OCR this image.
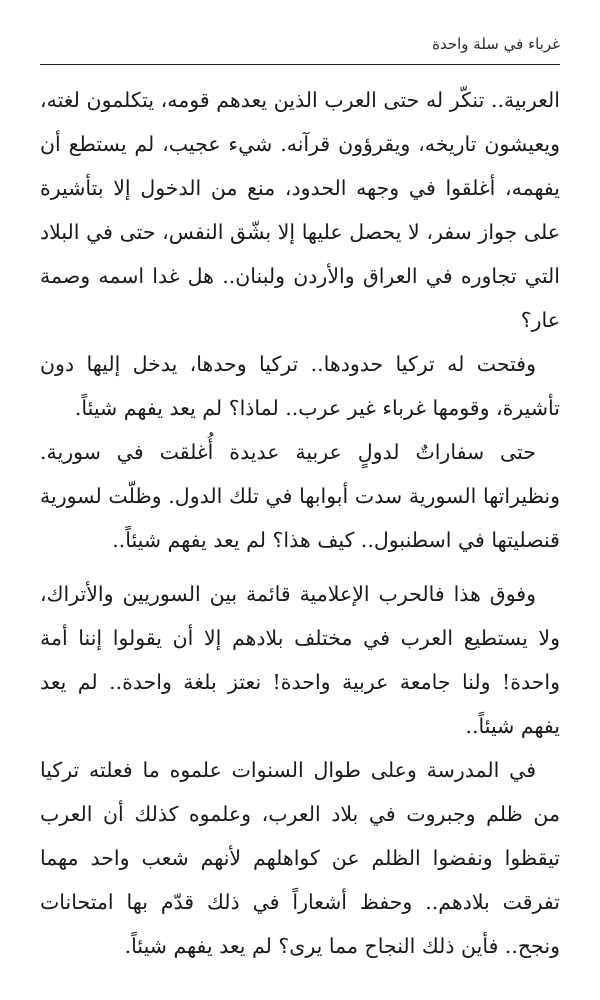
غرباء في سلة واحدة

العربية.. تنكّر له حتى العرب الذين يعدهم قومه، يتكلمون لغته، ويعيشون تاريخه، ويقرؤون قرآنه. شيء عجيب، لم يستطع أن يفهمه، أغلقوا في وجهه الحدود، منع من الدخول إلا بتأشيرة على جواز سفر، لا يحصل عليها إلا بشّق النفس، حتى في البلاد التي تجاوره في العراق والأردن ولبنان.. هل غدا اسمه وصمة عار؟

وفتحت له تركيا حدودها.. تركيا وحدها، يدخل إليها دون تأشيرة، وقومها غرباء غير عرب.. لماذا؟ لم يعد يفهم شيئاً.

حتى سفاراتٌ لدولٍ عربية عديدة أُغلقت في سورية. ونظيراتها السورية سدت أبوابها في تلك الدول. وظلّت لسورية قنصليتها في اسطنبول.. كيف هذا؟ لم يعد يفهم شيئاً..

وفوق هذا فالحرب الإعلامية قائمة بين السوريين والأتراك، ولا يستطيع العرب في مختلف بلادهم إلا أن يقولوا إننا أمة واحدة! ولنا جامعة عربية واحدة! نعتز بلغة واحدة.. لم يعد يفهم شيئاً..

في المدرسة وعلى طوال السنوات علموه ما فعلته تركيا من ظلم وجبروت في بلاد العرب، وعلموه كذلك أن العرب تيقظوا ونفضوا الظلم عن كواهلهم لأنهم شعب واحد مهما تفرقت بلادهم.. وحفظ أشعاراً في ذلك قدّم بها امتحانات ونجح.. فأين ذلك النجاح مما يرى؟ لم يعد يفهم شيئاً.
